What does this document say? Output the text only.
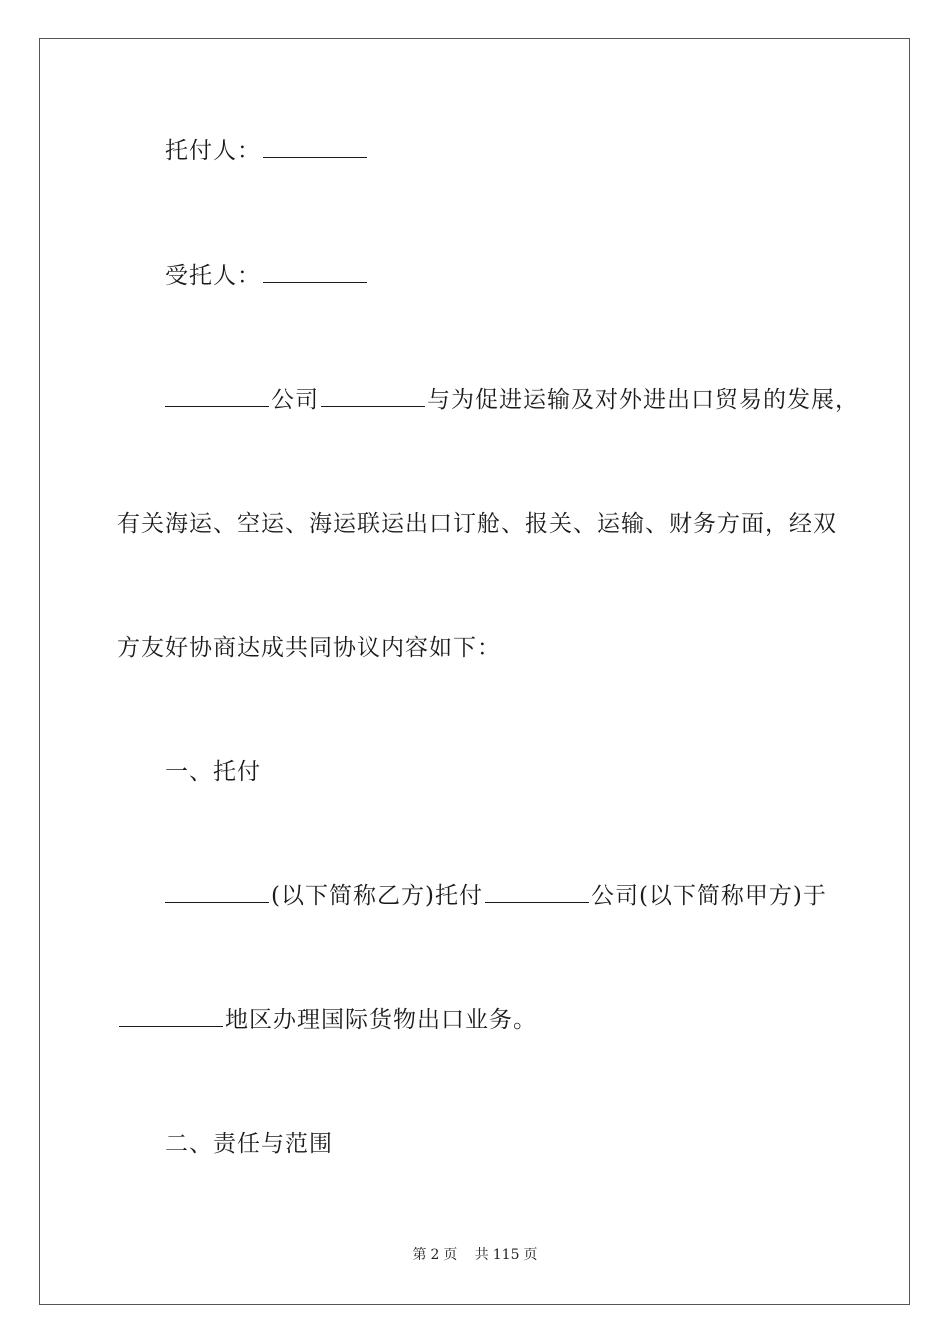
托付人：
受托人：
公司	与为促进运输及对外进出口贸易的发展，
有关海运、空运、海运联运出口订舱、报关、运输、财务方面，经双
方友好协商达成共同协议内容如下：
一、托付
(以下简称乙方)托付	公司(以下简称甲方)于
地区办理国际货物出口业务。
二、责任与范围
第 2 页 共 115 页
